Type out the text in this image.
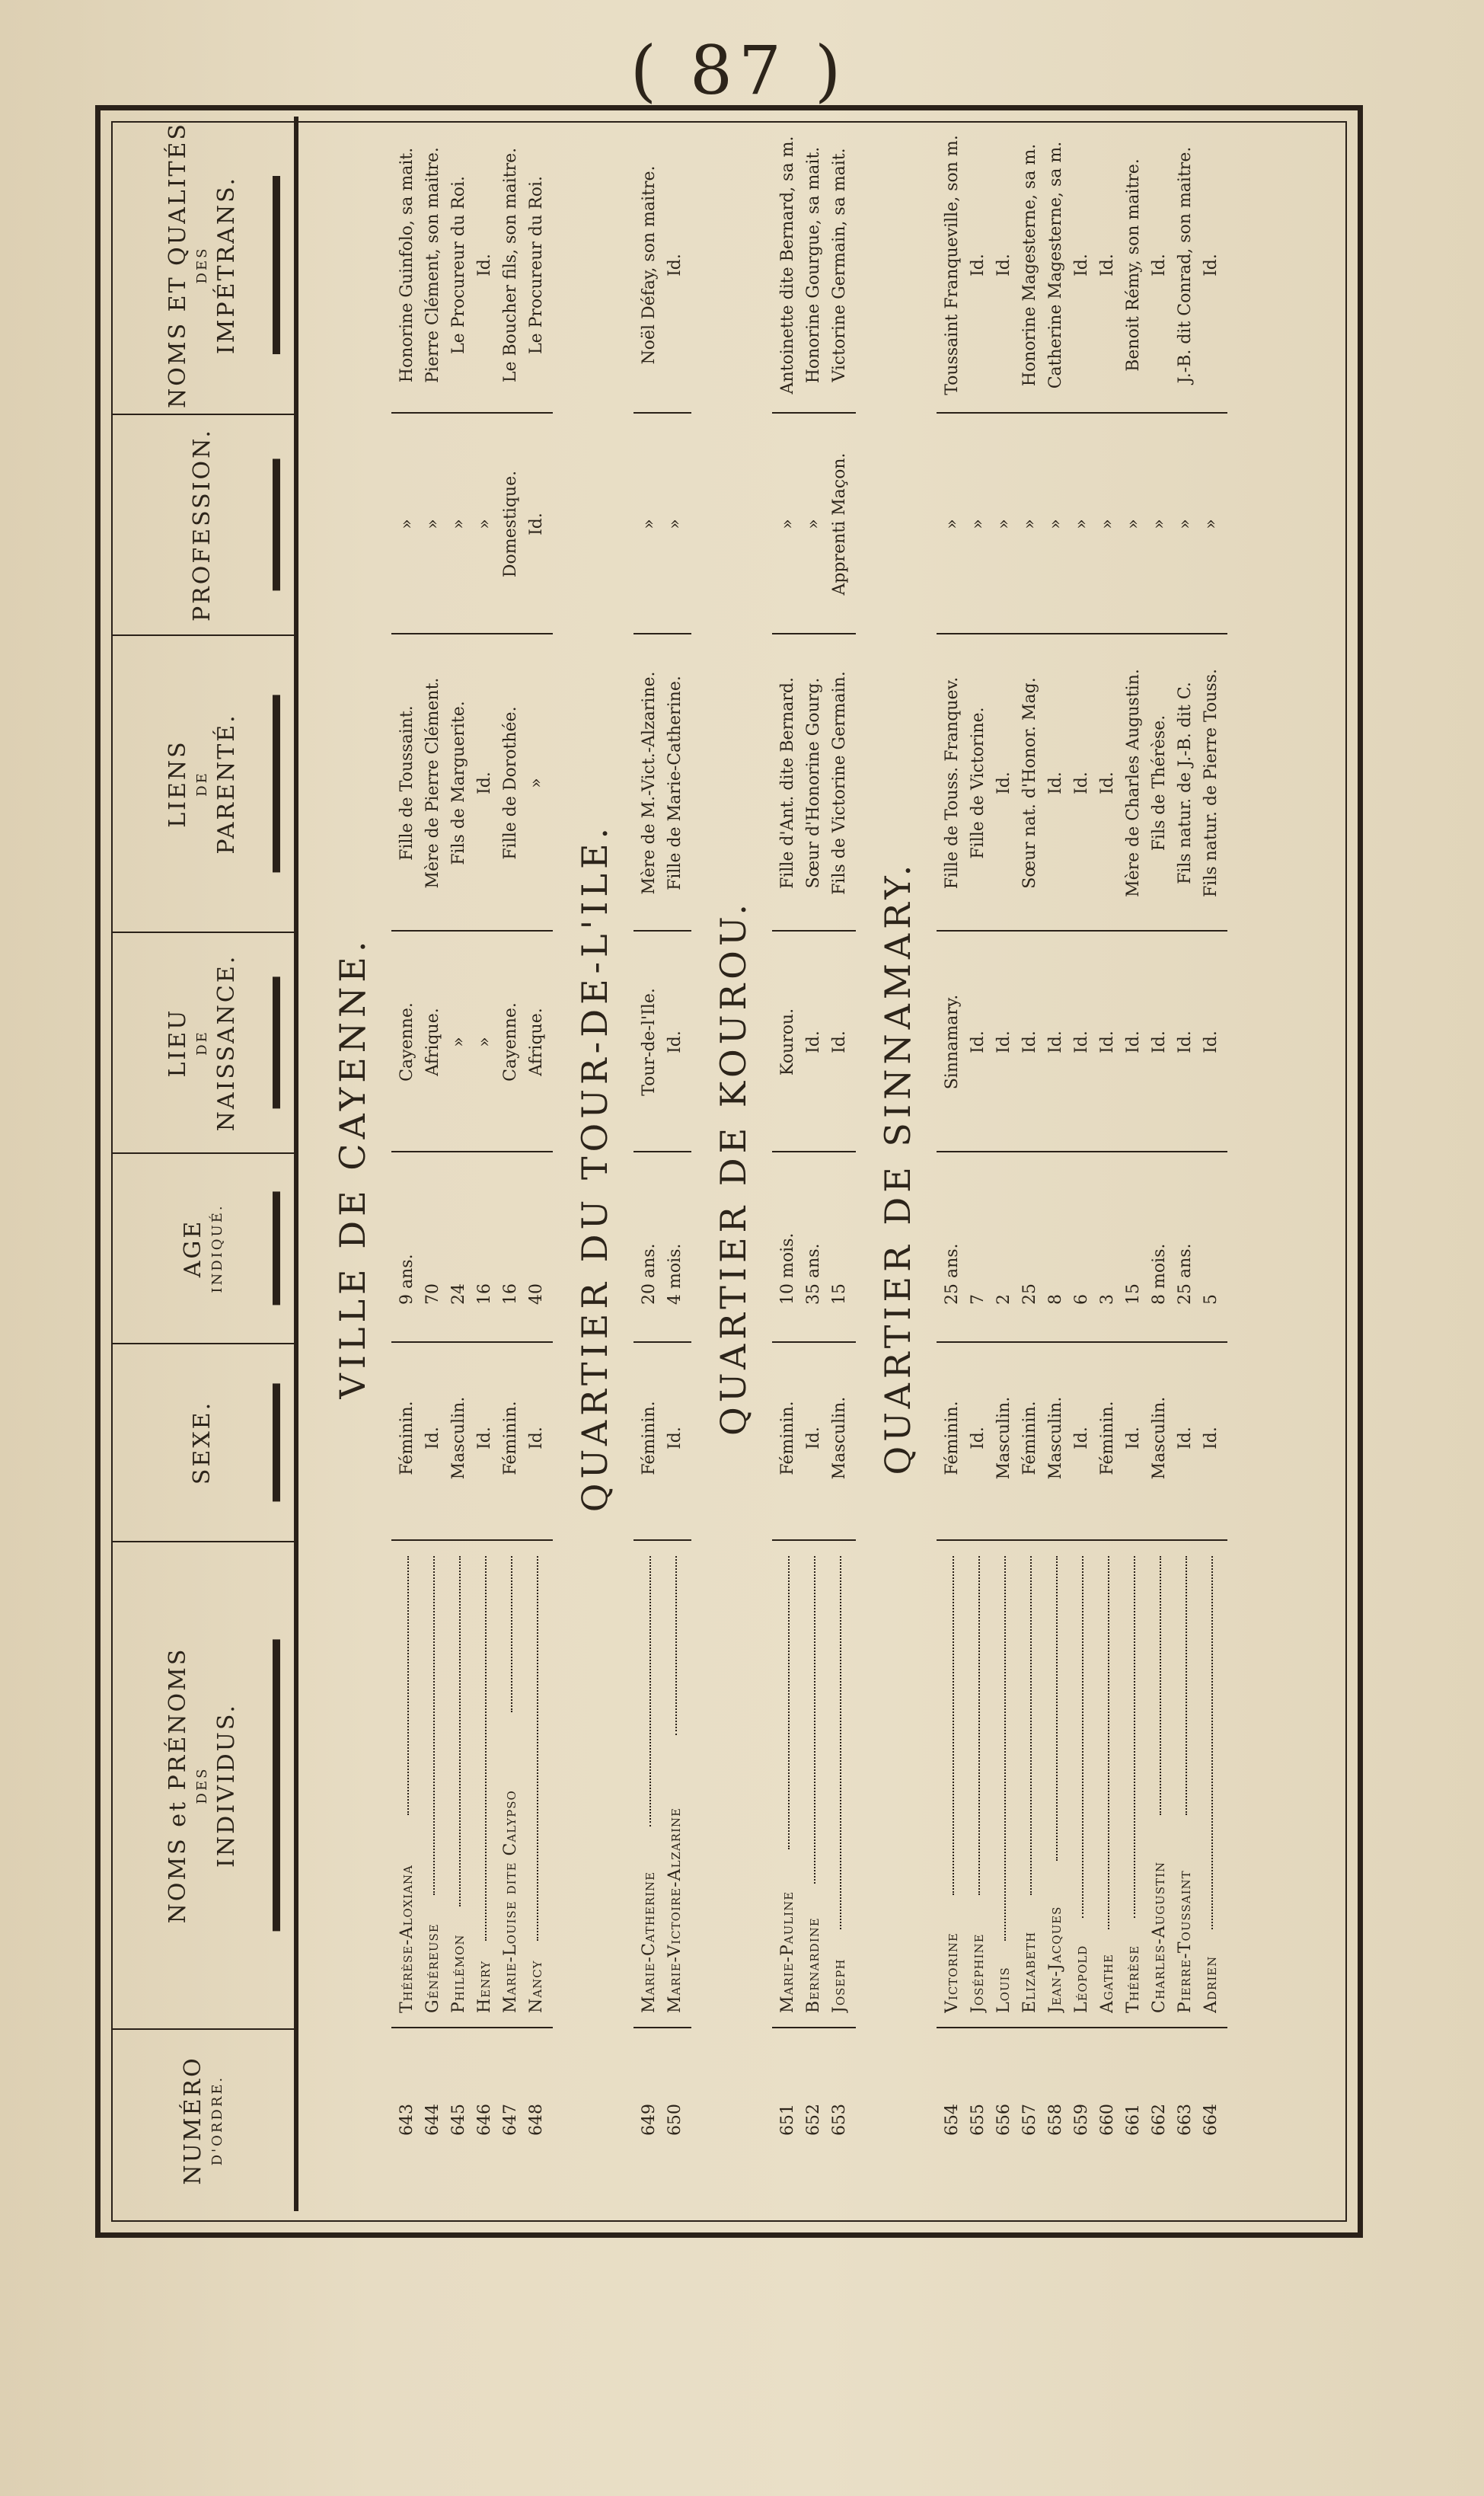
( 87 )
NUMÉRO D'ORDRE.
NOMS et PRÉNOMS DES INDIVIDUS.
SEXE.
AGE INDIQUÉ.
LIEU DE NAISSANCE.
LIENS DE PARENTÉ.
PROFESSION.
NOMS ET QUALITÉS DES IMPÉTRANS.
VILLE DE CAYENNE.
643
Thérèse-Aloxiana
Féminin.
9 ans.
Cayenne.
Fille de Toussaint.
»
Honorine Guinfolo, sa mait.
644
Généreuse
Id.
70
Afrique.
Mère de Pierre Clément.
»
Pierre Clément, son maitre.
645
Philémon
Masculin.
24
»
Fils de Marguerite.
»
Le Procureur du Roi.
646
Henry
Id.
16
»
Id.
»
Id.
647
Marie-Louise dite Calypso
Féminin.
16
Cayenne.
Fille de Dorothée.
Domestique.
Le Boucher fils, son maitre.
648
Nancy
Id.
40
Afrique.
»
Id.
Le Procureur du Roi.
QUARTIER DU TOUR-DE-L'ILE.
649
Marie-Catherine
Féminin.
20 ans.
Tour-de-l'Ile.
Mère de M.-Vict.-Alzarine.
»
Noël Défay, son maitre.
650
Marie-Victoire-Alzarine
Id.
4 mois.
Id.
Fille de Marie-Catherine.
»
Id.
QUARTIER DE KOUROU.
651
Marie-Pauline
Féminin.
10 mois.
Kourou.
Fille d'Ant. dite Bernard.
»
Antoinette dite Bernard, sa m.
652
Bernardine
Id.
35 ans.
Id.
Sœur d'Honorine Gourg.
»
Honorine Gourgue, sa mait.
653
Joseph
Masculin.
15
Id.
Fils de Victorine Germain.
Apprenti Maçon.
Victorine Germain, sa mait.
QUARTIER DE SINNAMARY.
654
Victorine
Féminin.
25 ans.
Sinnamary.
Fille de Touss. Franquev.
»
Toussaint Franqueville, son m.
655
Joséphine
Id.
7
Id.
Fille de Victorine.
»
Id.
656
Louis
Masculin.
2
Id.
Id.
»
Id.
657
Elizabeth
Féminin.
25
Id.
Sœur nat. d'Honor. Mag.
»
Honorine Magesterne, sa m.
658
Jean-Jacques
Masculin.
8
Id.
Id.
»
Catherine Magesterne, sa m.
659
Léopold
Id.
6
Id.
Id.
»
Id.
660
Agathe
Féminin.
3
Id.
Id.
»
Id.
661
Thérèse
Id.
15
Id.
Mère de Charles Augustin.
»
Benoit Rémy, son maitre.
662
Charles-Augustin
Masculin.
8 mois.
Id.
Fils de Thérèse.
»
Id.
663
Pierre-Toussaint
Id.
25 ans.
Id.
Fils natur. de J.-B. dit C.
»
J.-B. dit Conrad, son maitre.
664
Adrien
Id.
5
Id.
Fils natur. de Pierre Touss.
»
Id.
